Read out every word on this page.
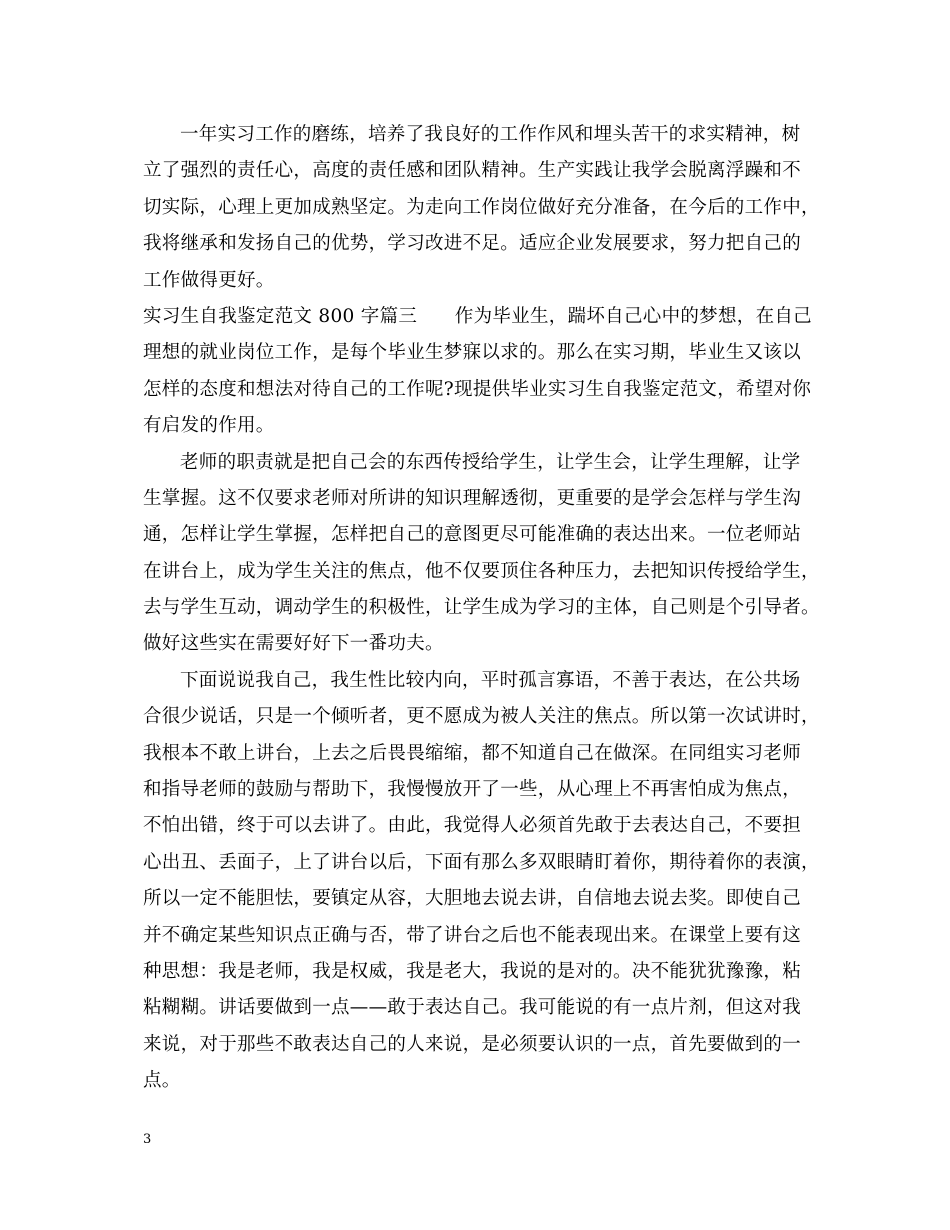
一年实习工作的磨练，培养了我良好的工作作风和埋头苦干的求实精神，树
立了强烈的责任心，高度的责任感和团队精神。生产实践让我学会脱离浮躁和不
切实际，心理上更加成熟坚定。为走向工作岗位做好充分准备，在今后的工作中，
我将继承和发扬自己的优势，学习改进不足。适应企业发展要求，努力把自己的
工作做得更好。
实习生自我鉴定范文 800 字篇三　　作为毕业生，踹坏自己心中的梦想，在自己
理想的就业岗位工作，是每个毕业生梦寐以求的。那么在实习期，毕业生又该以
怎样的态度和想法对待自己的工作呢?现提供毕业实习生自我鉴定范文，希望对你
有启发的作用。
老师的职责就是把自己会的东西传授给学生，让学生会，让学生理解，让学
生掌握。这不仅要求老师对所讲的知识理解透彻，更重要的是学会怎样与学生沟
通，怎样让学生掌握，怎样把自己的意图更尽可能准确的表达出来。一位老师站
在讲台上，成为学生关注的焦点，他不仅要顶住各种压力，去把知识传授给学生，
去与学生互动，调动学生的积极性，让学生成为学习的主体，自己则是个引导者。
做好这些实在需要好好下一番功夫。
下面说说我自己，我生性比较内向，平时孤言寡语，不善于表达，在公共场
合很少说话，只是一个倾听者，更不愿成为被人关注的焦点。所以第一次试讲时，
我根本不敢上讲台，上去之后畏畏缩缩，都不知道自己在做深。在同组实习老师
和指导老师的鼓励与帮助下，我慢慢放开了一些，从心理上不再害怕成为焦点，
不怕出错，终于可以去讲了。由此，我觉得人必须首先敢于去表达自己，不要担
心出丑、丢面子，上了讲台以后，下面有那么多双眼睛盯着你，期待着你的表演，
所以一定不能胆怯，要镇定从容，大胆地去说去讲，自信地去说去奖。即使自己
并不确定某些知识点正确与否，带了讲台之后也不能表现出来。在课堂上要有这
种思想：我是老师，我是权威，我是老大，我说的是对的。决不能犹犹豫豫，粘
粘糊糊。讲话要做到一点——敢于表达自己。我可能说的有一点片剂，但这对我
来说，对于那些不敢表达自己的人来说，是必须要认识的一点，首先要做到的一
点。
3
